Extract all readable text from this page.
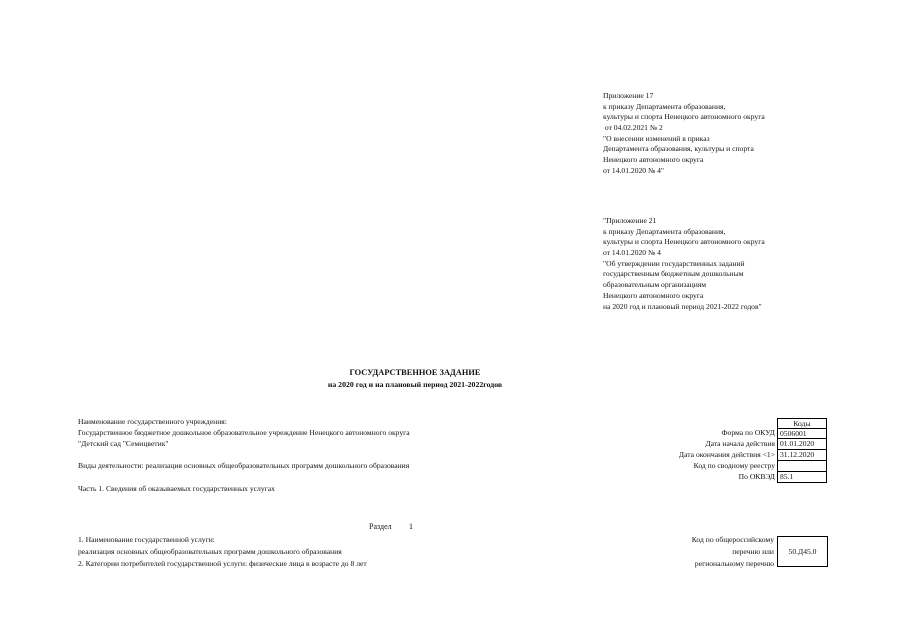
Приложение 17
к приказу Департамента образования,
культуры и спорта Ненецкого автономного округа
от 04.02.2021 № 2
"О внесении изменений в приказ
Департамента образования, культуры и спорта
Ненецкого автономного округа
от 14.01.2020 № 4"
"Приложение 21
к приказу Департамента образования,
культуры и спорта Ненецкого автономного округа
от 14.01.2020 № 4
"Об утверждении государственных заданий
государственным бюджетным дошкольным
образовательным организациям
Ненецкого автономного округа
на 2020 год и плановый период 2021-2022 годов"
ГОСУДАРСТВЕННОЕ ЗАДАНИЕ
на 2020 год и на плановый период 2021-2022годов
Наименование государственного учреждения:
Государственное бюджетное дошкольное образовательное учреждение Ненецкого автономного округа
"Детский сад "Семицветик"
Виды деятельности: реализация основных общеобразовательных программ дошкольного образования
Часть 1. Сведения об оказываемых государственных услугах
Коды
Форма по ОКУД 0506001
Дата начала действия 01.01.2020
Дата окончания действия <1> 31.12.2020
Код по сводному реестру
По ОКВЭД 85.1
Раздел 1
1. Наименование государственной услуги:
реализация основных общеобразовательных программ дошкольного образования
2. Категории потребителей государственной услуги: физические лица в возрасте до 8 лет
Код по общероссийскому
перечню или
региональному перечню
50.Д45.0
